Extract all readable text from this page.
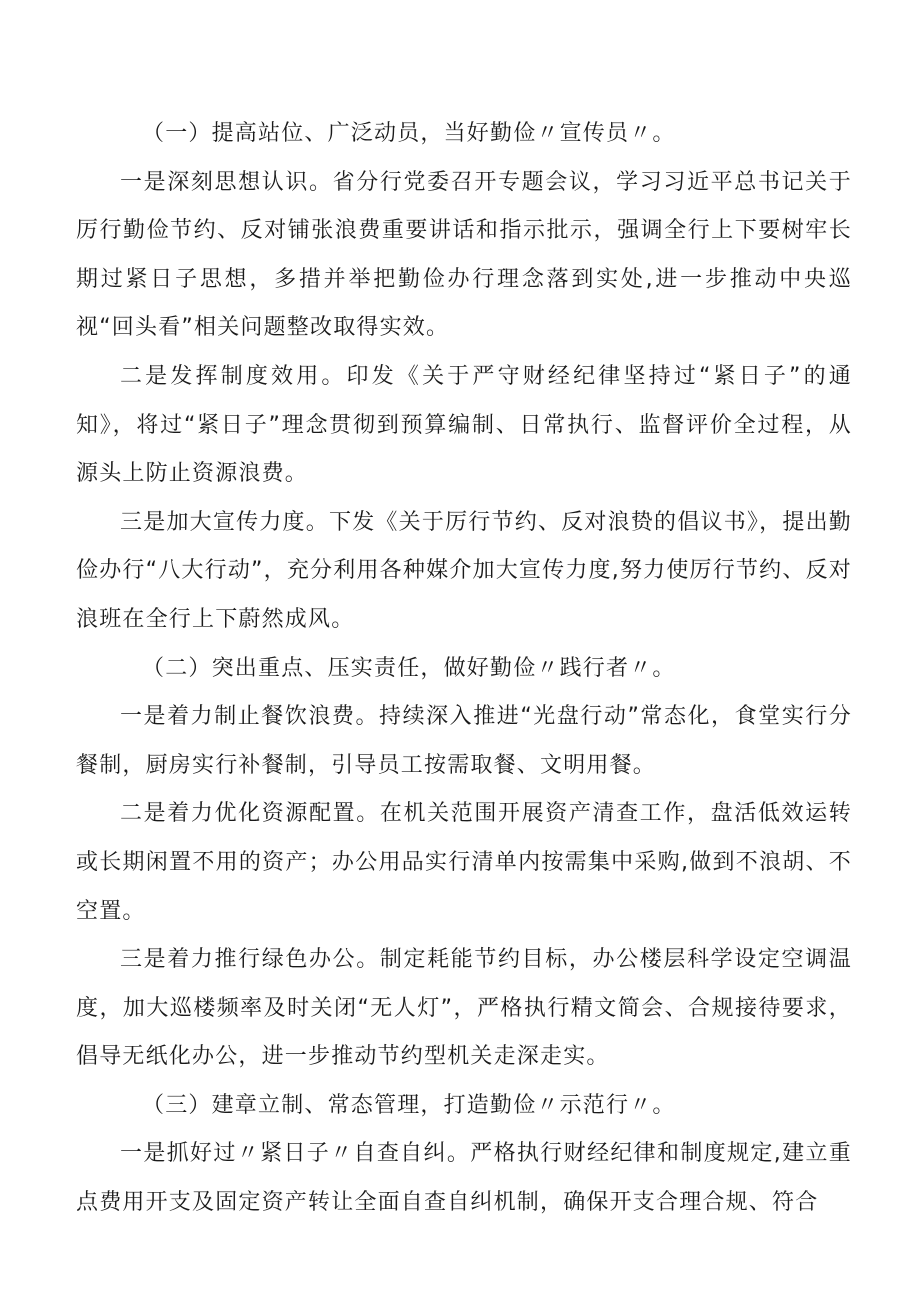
（一）提高站位、广泛动员，当好勤俭〃宣传员〃。

一是深刻思想认识。省分行党委召开专题会议，学习习近平总书记关于厉行勤俭节约、反对铺张浪费重要讲话和指示批示，强调全行上下要树牢长期过紧日子思想，多措并举把勤俭办行理念落到实处,进一步推动中央巡视“回头看”相关问题整改取得实效。

二是发挥制度效用。印发《关于严守财经纪律坚持过“紧日子”的通知》，将过“紧日子”理念贯彻到预算编制、日常执行、监督评价全过程，从源头上防止资源浪费。

三是加大宣传力度。下发《关于厉行节约、反对浪贽的倡议书》，提出勤俭办行“八大行动”，充分利用各种媒介加大宣传力度,努力使厉行节约、反对浪班在全行上下蔚然成风。

（二）突出重点、压实责任，做好勤俭〃践行者〃。

一是着力制止餐饮浪费。持续深入推进“光盘行动”常态化，食堂实行分餐制，厨房实行补餐制，引导员工按需取餐、文明用餐。

二是着力优化资源配置。在机关范围开展资产清查工作，盘活低效运转或长期闲置不用的资产；办公用品实行清单内按需集中采购,做到不浪胡、不空置。

三是着力推行绿色办公。制定耗能节约目标，办公楼层科学设定空调温度，加大巡楼频率及时关闭“无人灯”，严格执行精文简会、合规接待要求，倡导无纸化办公，进一步推动节约型机关走深走实。

（三）建章立制、常态管理，打造勤俭〃示范行〃。

一是抓好过〃紧日子〃自查自纠。严格执行财经纪律和制度规定,建立重点费用开支及固定资产转让全面自查自纠机制，确保开支合理合规、符合
